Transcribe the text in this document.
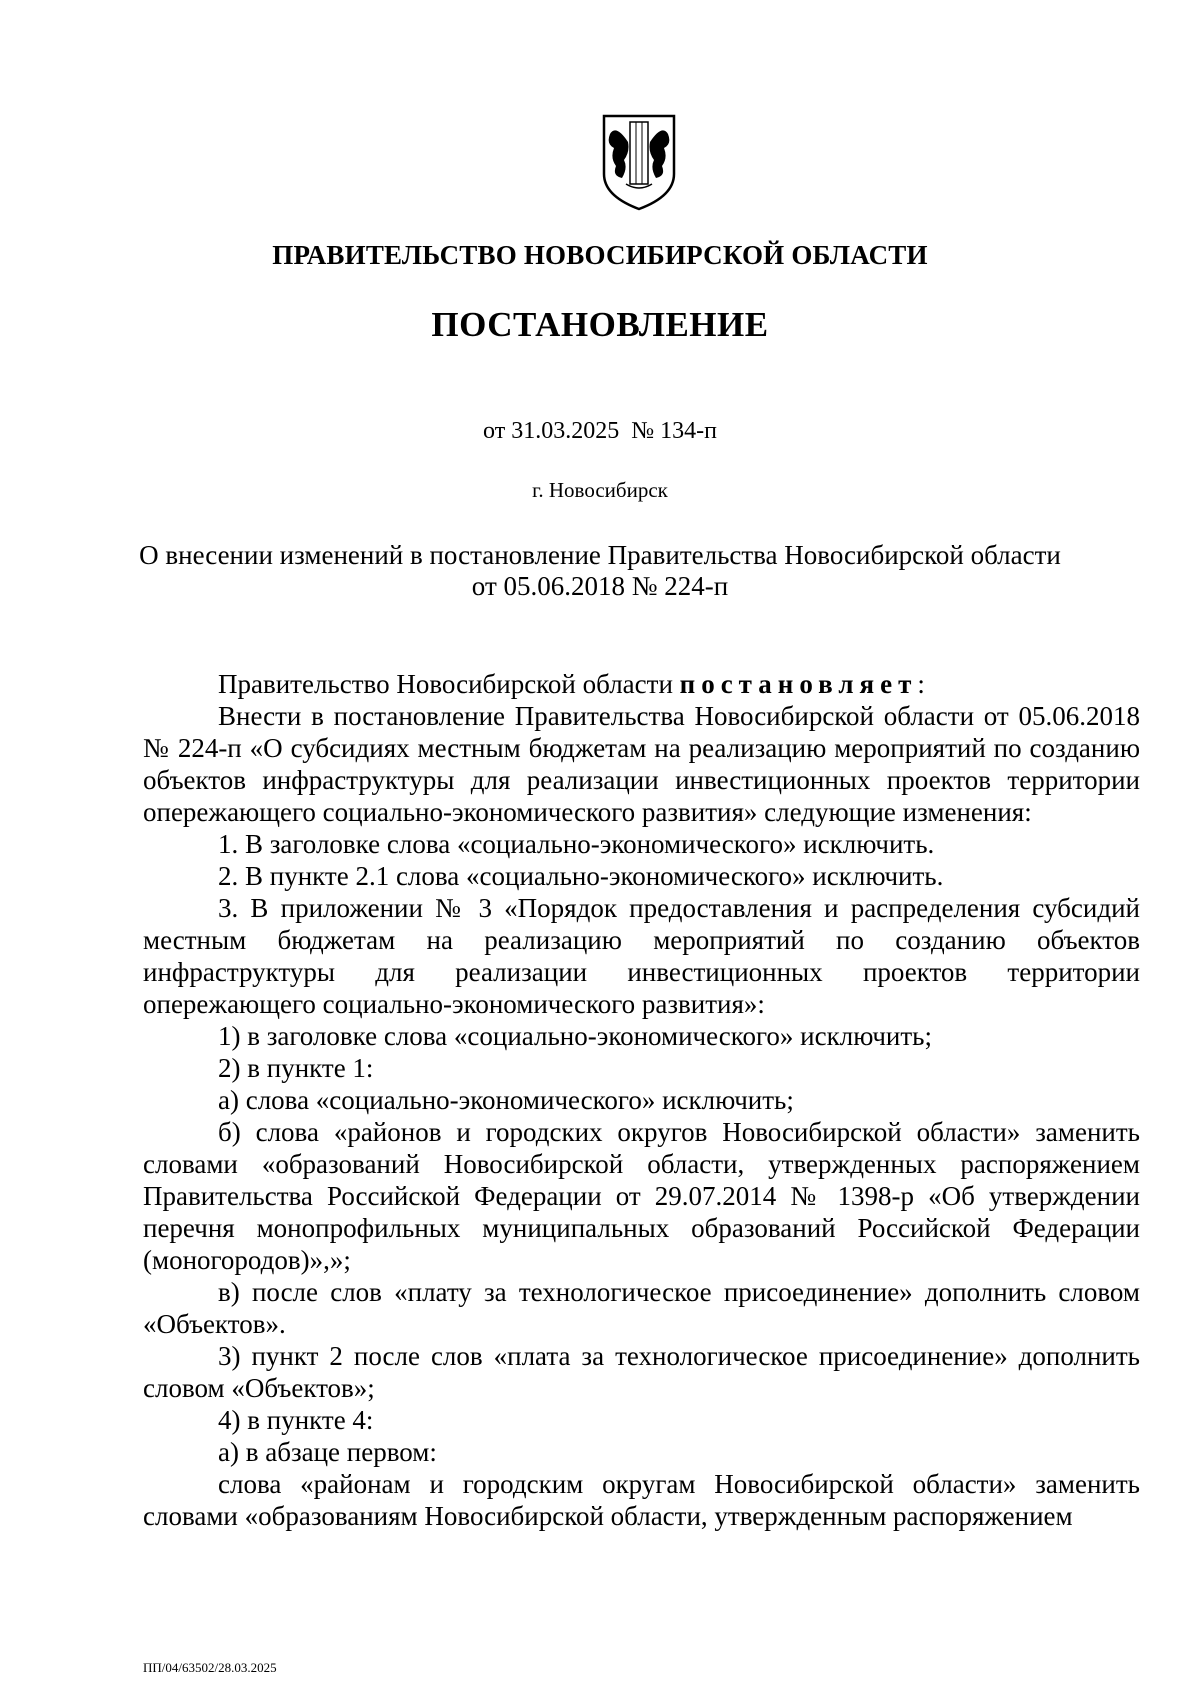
ПРАВИТЕЛЬСТВО НОВОСИБИРСКОЙ ОБЛАСТИ
ПОСТАНОВЛЕНИЕ
от 31.03.2025  № 134-п
г. Новосибирск
О внесении изменений в постановление Правительства Новосибирской области
от 05.06.2018 № 224-п

Правительство Новосибирской области постановляет:

Внести в постановление Правительства Новосибирской области от 05.06.2018 № 224-п «О субсидиях местным бюджетам на реализацию мероприятий по созданию объектов инфраструктуры для реализации инвестиционных проектов территории опережающего социально-экономического развития» следующие изменения:

1. В заголовке слова «социально-экономического» исключить.

2. В пункте 2.1 слова «социально-экономического» исключить.

3. В приложении № 3 «Порядок предоставления и распределения субсидий местным бюджетам на реализацию мероприятий по созданию объектов инфраструктуры для реализации инвестиционных проектов территории опережающего социально-экономического развития»:

1) в заголовке слова «социально-экономического» исключить;

2) в пункте 1:

а) слова «социально-экономического» исключить;

б) слова «районов и городских округов Новосибирской области» заменить словами «образований Новосибирской области, утвержденных распоряжением Правительства Российской Федерации от 29.07.2014 № 1398-р «Об утверждении перечня монопрофильных муниципальных образований Российской Федерации (моногородов)»,»;

в) после слов «плату за технологическое присоединение» дополнить словом «Объектов».

3) пункт 2 после слов «плата за технологическое присоединение» дополнить словом «Объектов»;

4) в пункте 4:

а) в абзаце первом:

слова «районам и городским округам Новосибирской области» заменить словами «образованиям Новосибирской области, утвержденным распоряжением

ПП/04/63502/28.03.2025
